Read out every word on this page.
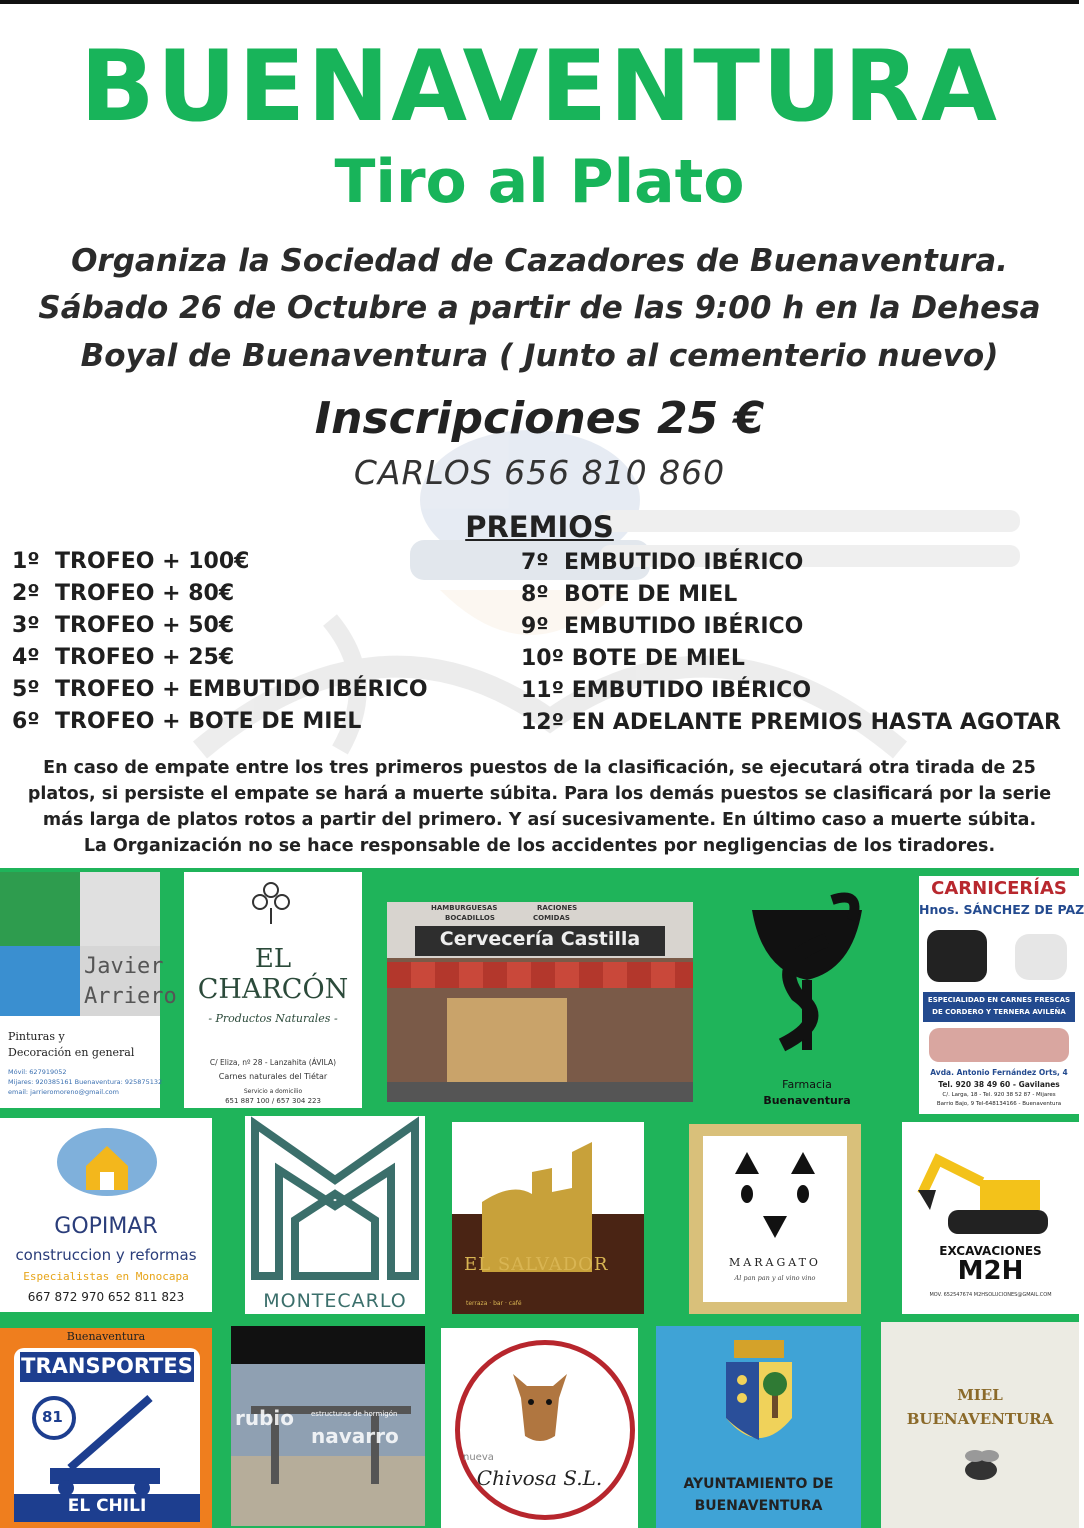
BUENAVENTURA
Tiro al Plato
Organiza la Sociedad de Cazadores de Buenaventura.
Sábado 26 de Octubre a partir de las 9:00 h en la Dehesa
Boyal de Buenaventura ( Junto al cementerio nuevo)
Inscripciones 25 €
CARLOS 656 810 860
PREMIOS
1º TROFEO + 100€
2º TROFEO + 80€
3º TROFEO + 50€
4º TROFEO + 25€
5º TROFEO + EMBUTIDO IBÉRICO
6º TROFEO + BOTE DE MIEL
7º EMBUTIDO IBÉRICO
8º BOTE DE MIEL
9º EMBUTIDO IBÉRICO
10º BOTE DE MIEL
11º EMBUTIDO IBÉRICO
12º EN ADELANTE PREMIOS HASTA AGOTAR
En caso de empate entre los tres primeros puestos de la clasificación, se ejecutará otra tirada de 25
platos, si persiste el empate se hará a muerte súbita. Para los demás puestos se clasificará por la serie
más larga de platos rotos a partir del primero. Y así sucesivamente. En último caso a muerte súbita.
La Organización no se hace responsable de los accidentes por negligencias de los tiradores.
Javier
Arriero
Pinturas y
Decoración en general
Móvil: 627919052
Mijares: 920385161 Buenaventura: 925875132
email: jarrieromoreno@gmail.com
EL
CHARCÓN
- Productos Naturales -
C/ Eliza, nº 28 - Lanzahita (ÁVILA)
Carnes naturales del Tiétar
Servicio a domicilio
651 887 100 / 657 304 223
HAMBURGUESAS	RACIONES
BOCADILLOS	COMIDAS
Cervecería Castilla
Farmacia
Buenaventura
CARNICERÍAS
Hnos. SÁNCHEZ DE PAZ
ESPECIALIDAD EN CARNES FRESCAS
DE CORDERO Y TERNERA AVILEÑA
Avda. Antonio Fernández Orts, 4
Tel. 920 38 49 60 - Gavilanes
C/. Larga, 18 - Tel. 920 38 52 87 - Mijares
Barrio Bajo, 9 Tel-648134166 - Buenaventura
GOPIMAR
construccion y reformas
Especialistas en Monocapa
667 872 970 652 811 823	MONTECARLO
EL SALVADOR
terraza · bar · café
MARAGATO
Al pan pan y al vino vino
EXCAVACIONES
M2H
MOV. 652547674 M2HSOLUCIONES@GMAIL.COM
Buenaventura
TRANSPORTES
81
EL CHILI
rubio
navarro
estructuras de hormigón
nueva
Chivosa S.L.	AYUNTAMIENTO DE
BUENAVENTURA
MIEL
BUENAVENTURA
